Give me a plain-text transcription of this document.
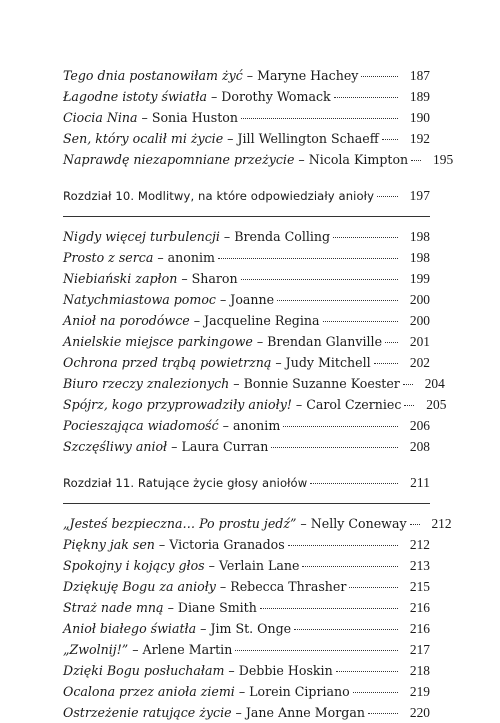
Tego dnia postanowiłam żyć – Maryne Hachey	187
Łagodne istoty światła – Dorothy Womack	189
Ciocia Nina – Sonia Huston	190
Sen, który ocalił mi życie – Jill Wellington Schaeff	192
Naprawdę niezapomniane przeżycie – Nicola Kimpton	195
Rozdział 10. Modlitwy, na które odpowiedziały anioły	197
Nigdy więcej turbulencji – Brenda Colling	198
Prosto z serca – anonim	198
Niebiański zapłon – Sharon	199
Natychmiastowa pomoc – Joanne	200
Anioł na porodówce – Jacqueline Regina	200
Anielskie miejsce parkingowe – Brendan Glanville	201
Ochrona przed trąbą powietrzną – Judy Mitchell	202
Biuro rzeczy znalezionych – Bonnie Suzanne Koester	204
Spójrz, kogo przyprowadziły anioły! – Carol Czerniec	205
Pocieszająca wiadomość – anonim	206
Szczęśliwy anioł – Laura Curran	208
Rozdział 11. Ratujące życie głosy aniołów	211
„Jesteś bezpieczna… Po prostu jedź” – Nelly Coneway	212
Piękny jak sen – Victoria Granados	212
Spokojny i kojący głos – Verlain Lane	213
Dziękuję Bogu za anioły – Rebecca Thrasher	215
Straż nade mną – Diane Smith	216
Anioł białego światła – Jim St. Onge	216
„Zwolnij!” – Arlene Martin	217
Dzięki Bogu posłuchałam – Debbie Hoskin	218
Ocalona przez anioła ziemi – Lorein Cipriano	219
Ostrzeżenie ratujące życie – Jane Anne Morgan	220
